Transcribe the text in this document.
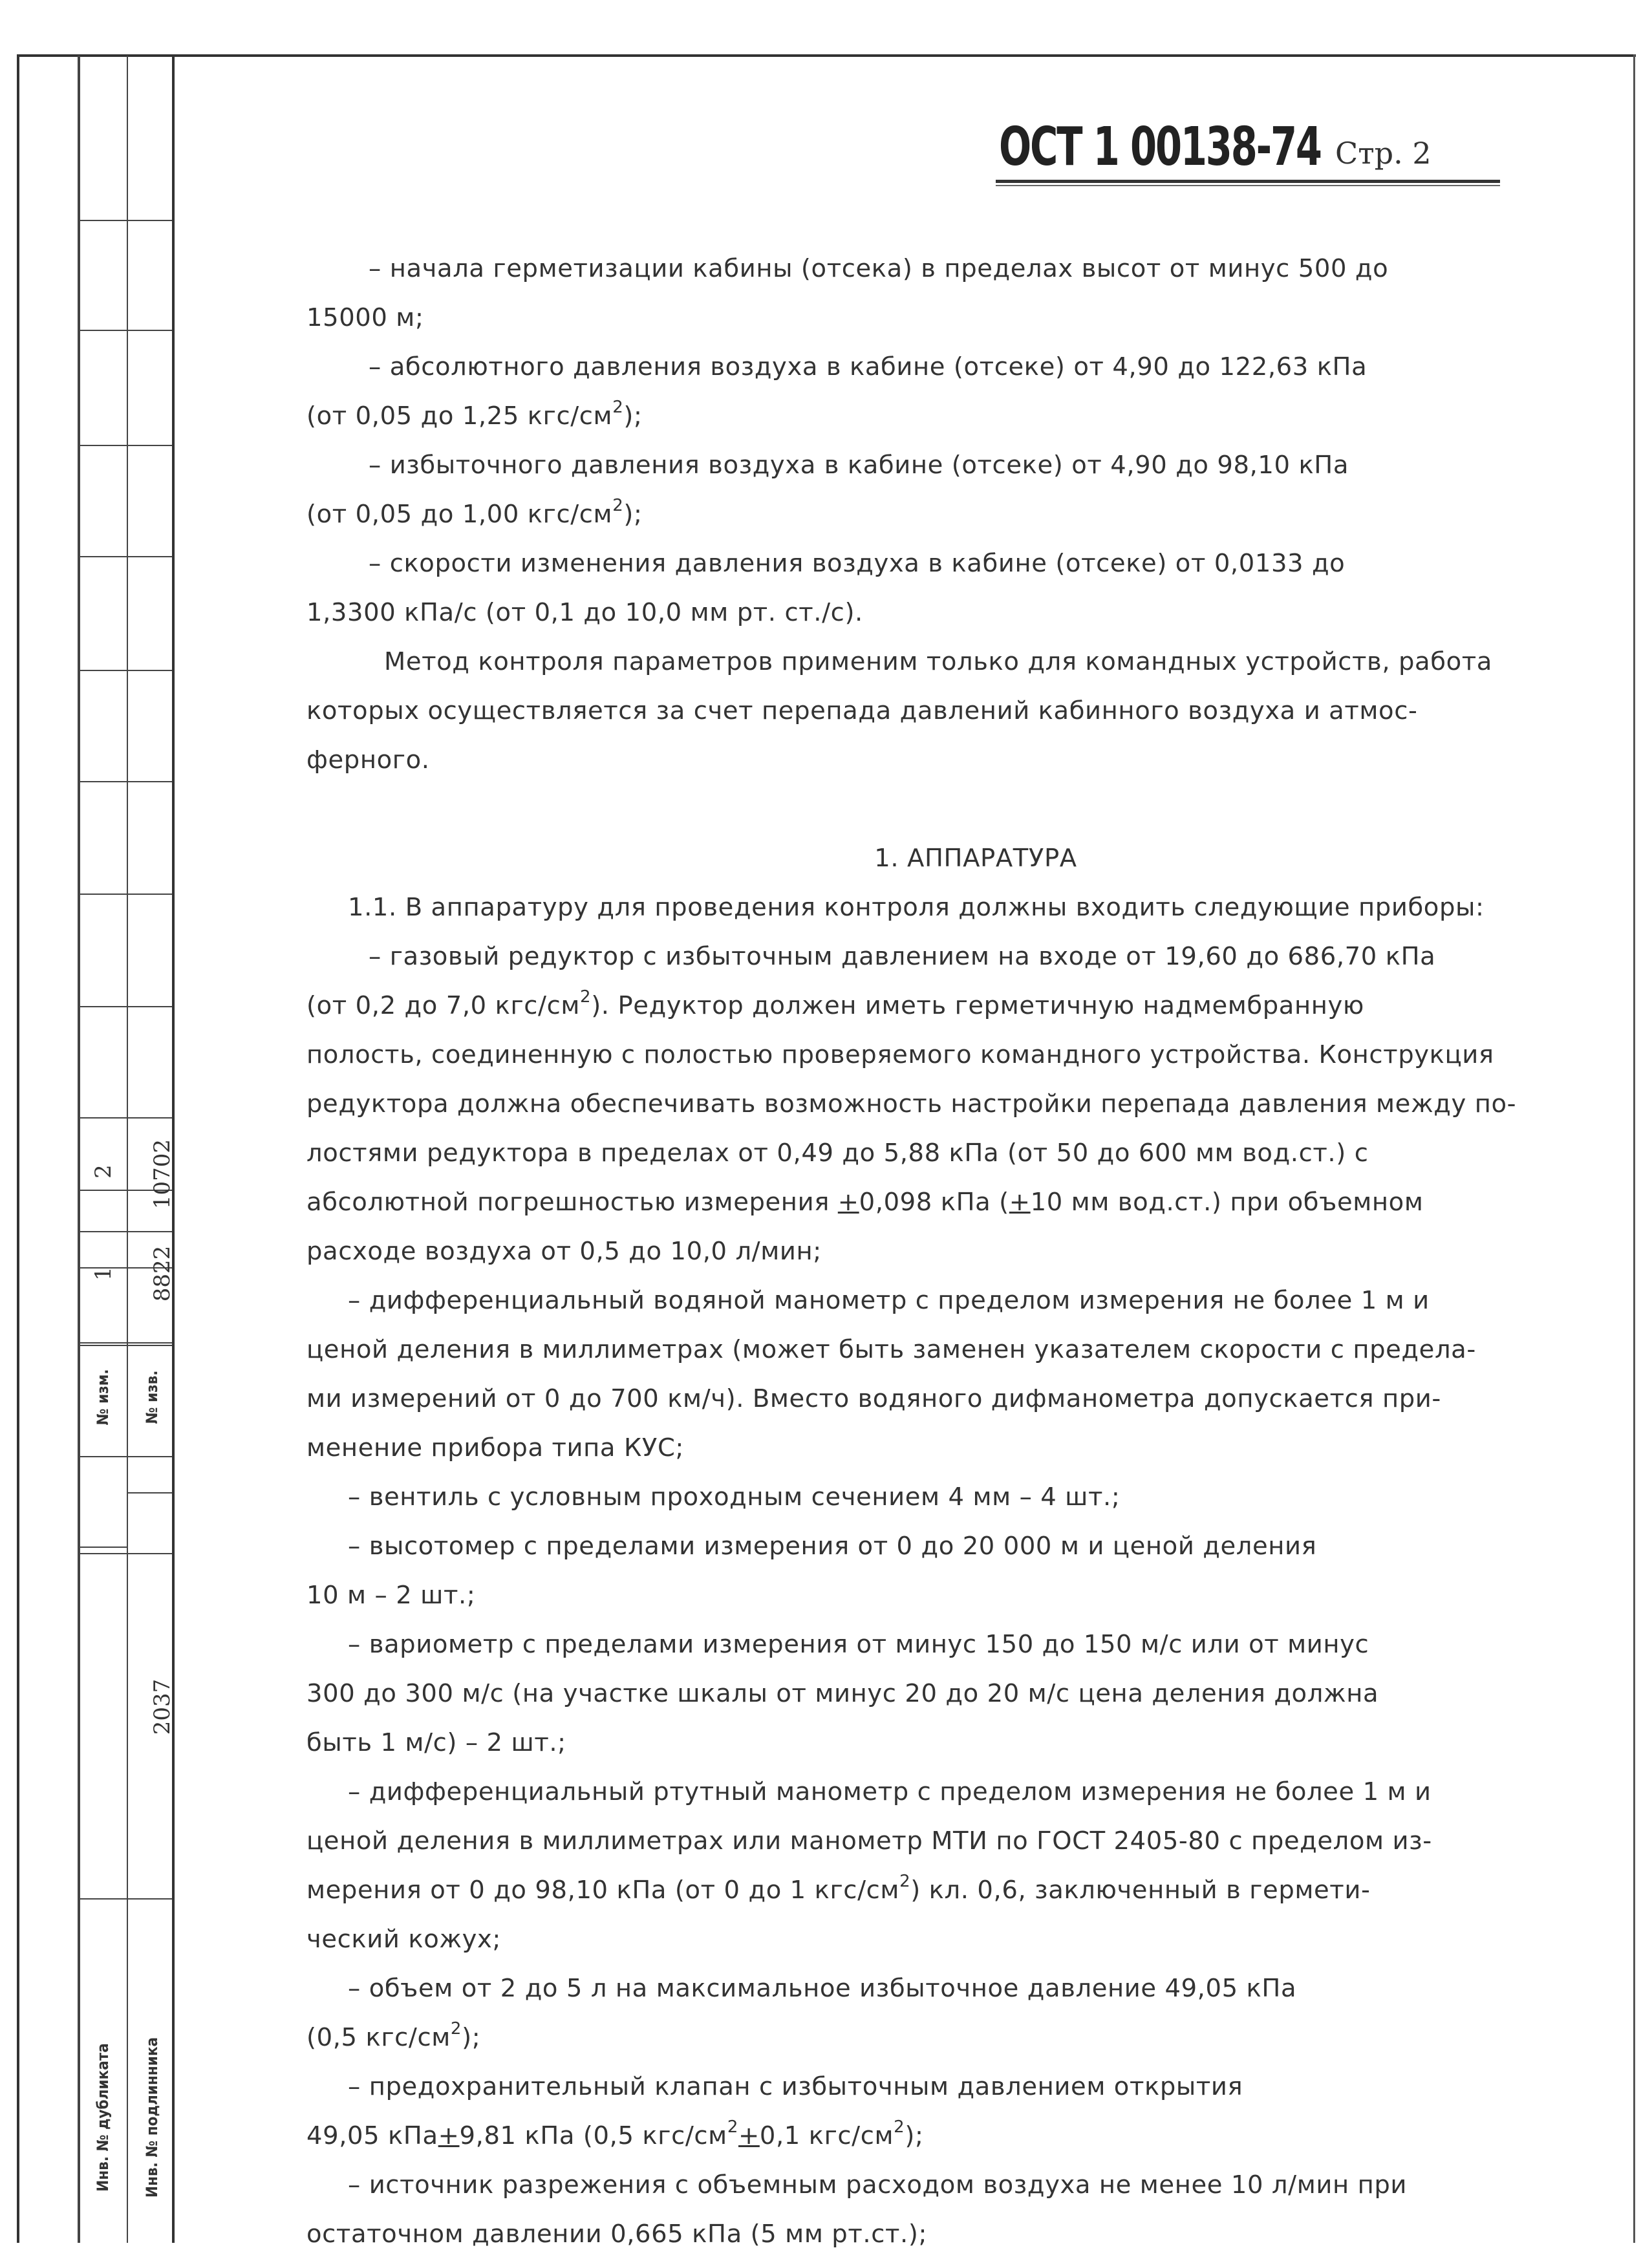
2 10702
1 8822
№ изм. № изв.
2037
Инв. № дубликата Инв. № подлинника
ОСТ 1 00138-74 Стр. 2
– начала герметизации кабины (отсека) в пределах высот от минус 500 до
15000 м;
– абсолютного давления воздуха в кабине (отсеке) от 4,90 до 122,63 кПа
(от 0,05 до 1,25 кгс/$см^2$);
– избыточного давления воздуха в кабине (отсеке) от 4,90 до 98,10 кПа
(от 0,05 до 1,00 кгс/$см^2$);
– скорости изменения давления воздуха в кабине (отсеке) от 0,0133 до
1,3300 кПа/с (от 0,1 до 10,0 мм рт. ст./с).
Метод контроля параметров применим только для командных устройств, работа
которых осуществляется за счет перепада давлений кабинного воздуха и атмос-
ферного.
1. АППАРАТУРА
1.1. В аппаратуру для проведения контроля должны входить следующие приборы:
– газовый редуктор с избыточным давлением на входе от 19,60 до 686,70 кПа
(от 0,2 до 7,0 кгс/$см^2$). Редуктор должен иметь герметичную надмембранную
полость, соединенную с полостью проверяемого командного устройства. Конструкция
редуктора должна обеспечивать возможность настройки перепада давления между по-
лостями редуктора в пределах от 0,49 до 5,88 кПа (от 50 до 600 мм вод.ст.) с
абсолютной погрешностью измерения +0,098 кПа (+10 мм вод.ст.) при объемном
расходе воздуха от 0,5 до 10,0 л/мин;
– дифференциальный водяной манометр с пределом измерения не более 1 м и
ценой деления в миллиметрах (может быть заменен указателем скорости с предела-
ми измерений от 0 до 700 км/ч). Вместо водяного дифманометра допускается при-
менение прибора типа КУС;
– вентиль с условным проходным сечением 4 мм – 4 шт.;
– высотомер с пределами измерения от 0 до 20 000 м и ценой деления
10 м – 2 шт.;
– вариометр с пределами измерения от минус 150 до 150 м/с или от минус
300 до 300 м/с (на участке шкалы от минус 20 до 20 м/с цена деления должна
быть 1 м/с) – 2 шт.;
– дифференциальный ртутный манометр с пределом измерения не более 1 м и
ценой деления в миллиметрах или манометр МТИ по ГОСТ 2405-80 с пределом из-
мерения от 0 до 98,10 кПа (от 0 до 1 кгс/$см^2$) кл. 0,6, заключенный в гермети-
ческий кожух;
– объем от 2 до 5 л на максимальное избыточное давление 49,05 кПа
(0,5 кгс/$см^2$);
– предохранительный клапан с избыточным давлением открытия
49,05 кПа+9,81 кПа (0,5 кгс/$см^2+0,1$ кгс/$см^2$);
– источник разрежения с объемным расходом воздуха не менее 10 л/мин при
остаточном давлении 0,665 кПа (5 мм рт.ст.);
